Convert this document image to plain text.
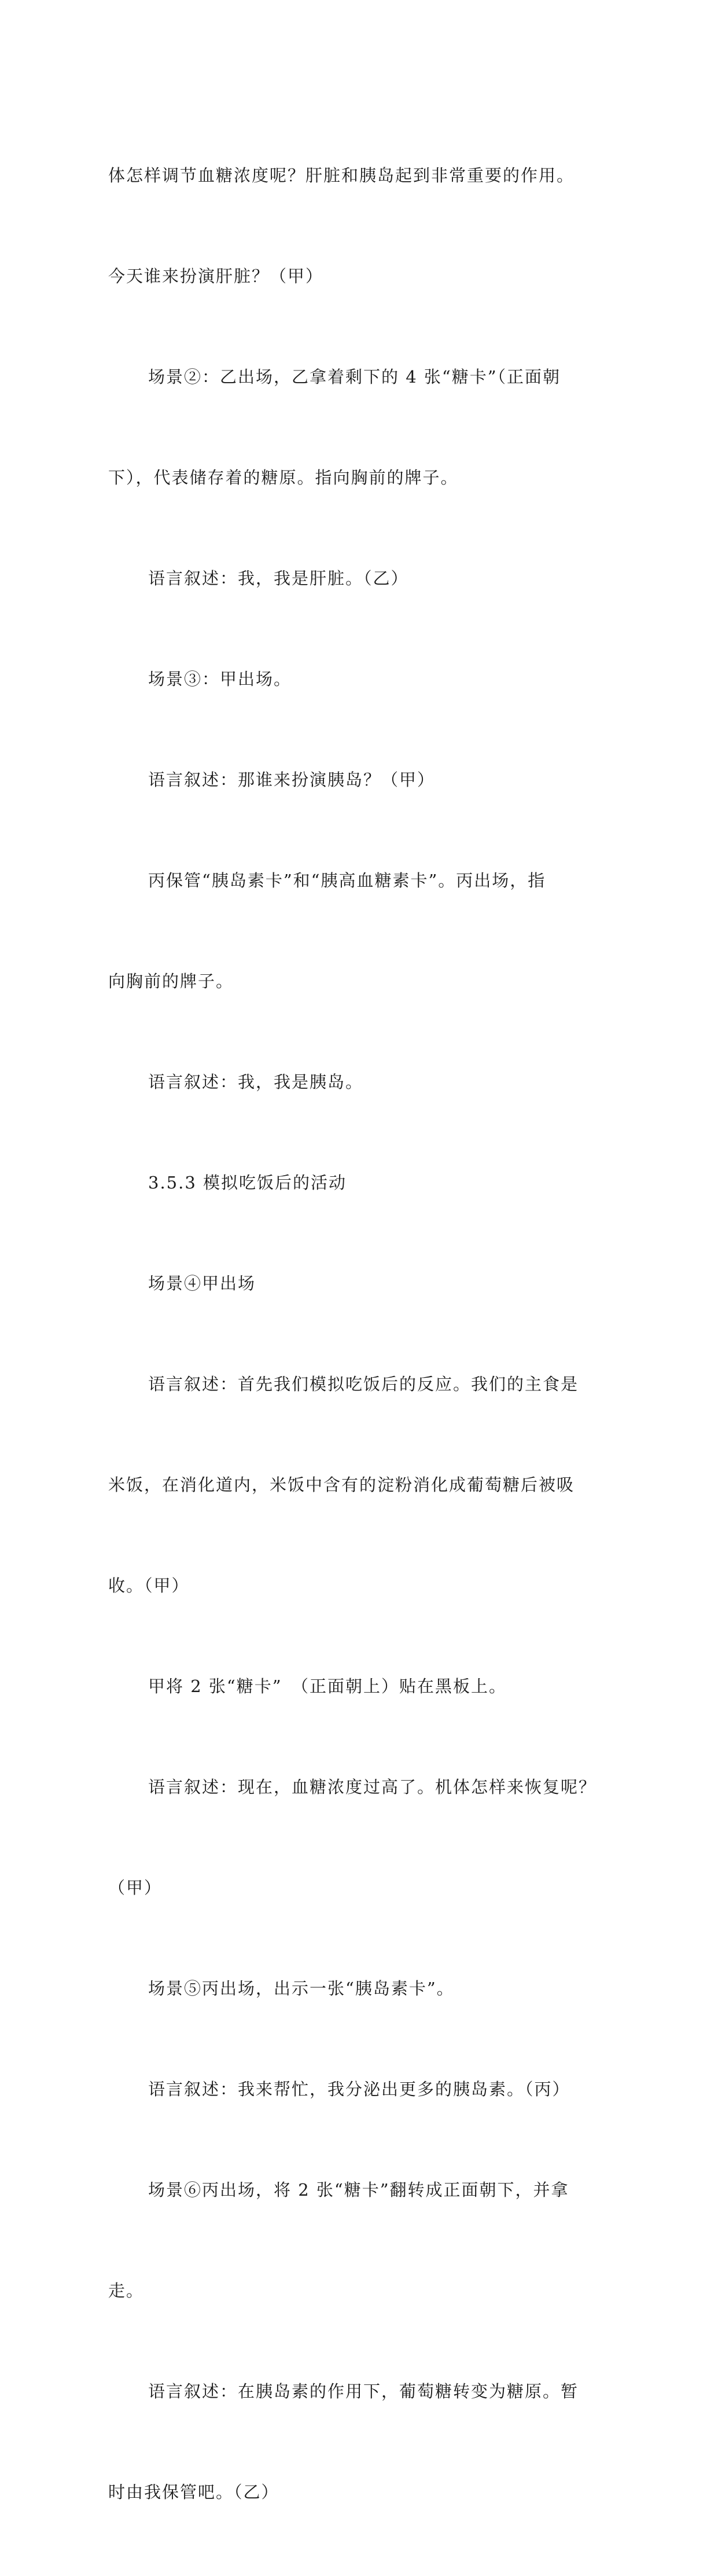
体怎样调节血糖浓度呢？肝脏和胰岛起到非常重要的作用。

今天谁来扮演肝脏？（甲）

场景②：乙出场，乙拿着剩下的 4 张“糖卡”（正面朝

下），代表储存着的糖原。指向胸前的牌子。

语言叙述：我，我是肝脏。（乙）

场景③：甲出场。

语言叙述：那谁来扮演胰岛？（甲）

丙保管“胰岛素卡”和“胰高血糖素卡”。丙出场，指

向胸前的牌子。

语言叙述：我，我是胰岛。

3.5.3 模拟吃饭后的活动

场景④甲出场

语言叙述：首先我们模拟吃饭后的反应。我们的主食是

米饭，在消化道内，米饭中含有的淀粉消化成葡萄糖后被吸

收。（甲）

甲将 2 张“糖卡”　（正面朝上）贴在黑板上。

语言叙述：现在，血糖浓度过高了。机体怎样来恢复呢？

（甲）

场景⑤丙出场，出示一张“胰岛素卡”。

语言叙述：我来帮忙，我分泌出更多的胰岛素。（丙）

场景⑥丙出场，将 2 张“糖卡”翻转成正面朝下，并拿

走。

语言叙述：在胰岛素的作用下，葡萄糖转变为糖原。暂

时由我保管吧。（乙）
